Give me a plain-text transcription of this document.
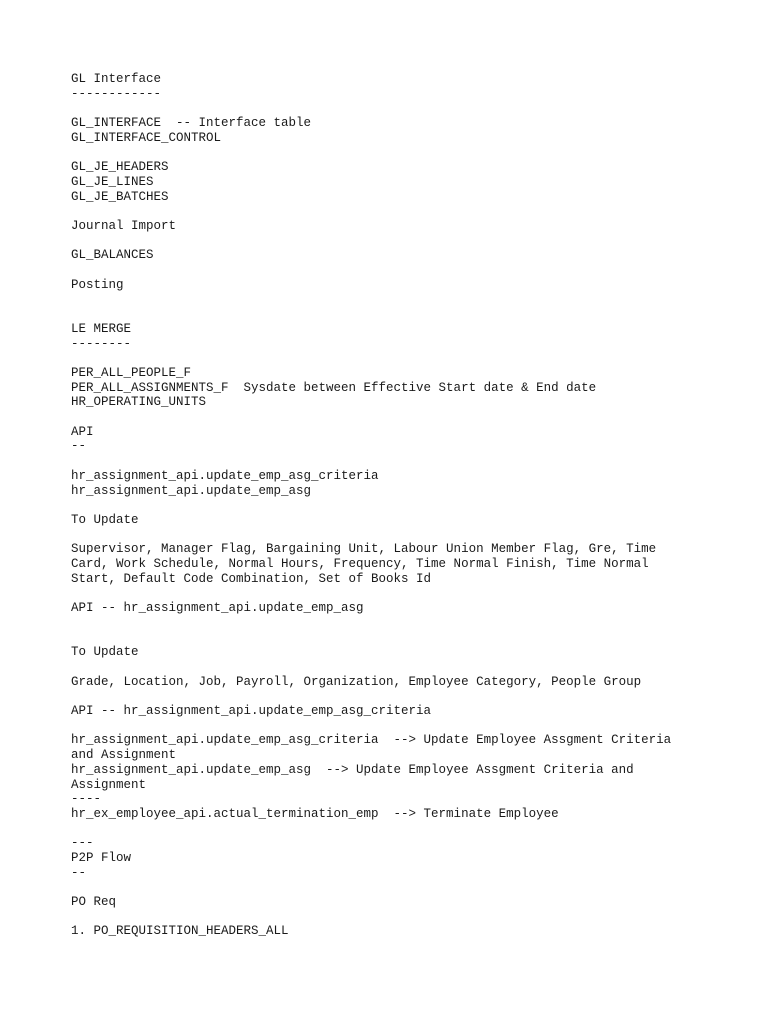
GL Interface
------------
GL_INTERFACE  -- Interface table
GL_INTERFACE_CONTROL
GL_JE_HEADERS
GL_JE_LINES
GL_JE_BATCHES
Journal Import
GL_BALANCES
Posting
LE MERGE
--------
PER_ALL_PEOPLE_F
PER_ALL_ASSIGNMENTS_F  Sysdate between Effective Start date & End date
HR_OPERATING_UNITS
API
--
hr_assignment_api.update_emp_asg_criteria
hr_assignment_api.update_emp_asg
To Update
Supervisor, Manager Flag, Bargaining Unit, Labour Union Member Flag, Gre, Time
Card, Work Schedule, Normal Hours, Frequency, Time Normal Finish, Time Normal
Start, Default Code Combination, Set of Books Id
API -- hr_assignment_api.update_emp_asg
To Update
Grade, Location, Job, Payroll, Organization, Employee Category, People Group
API -- hr_assignment_api.update_emp_asg_criteria
hr_assignment_api.update_emp_asg_criteria  --> Update Employee Assgment Criteria
and Assignment
hr_assignment_api.update_emp_asg  --> Update Employee Assgment Criteria and
Assignment
----
hr_ex_employee_api.actual_termination_emp  --> Terminate Employee
---
P2P Flow
--
PO Req
1. PO_REQUISITION_HEADERS_ALL
